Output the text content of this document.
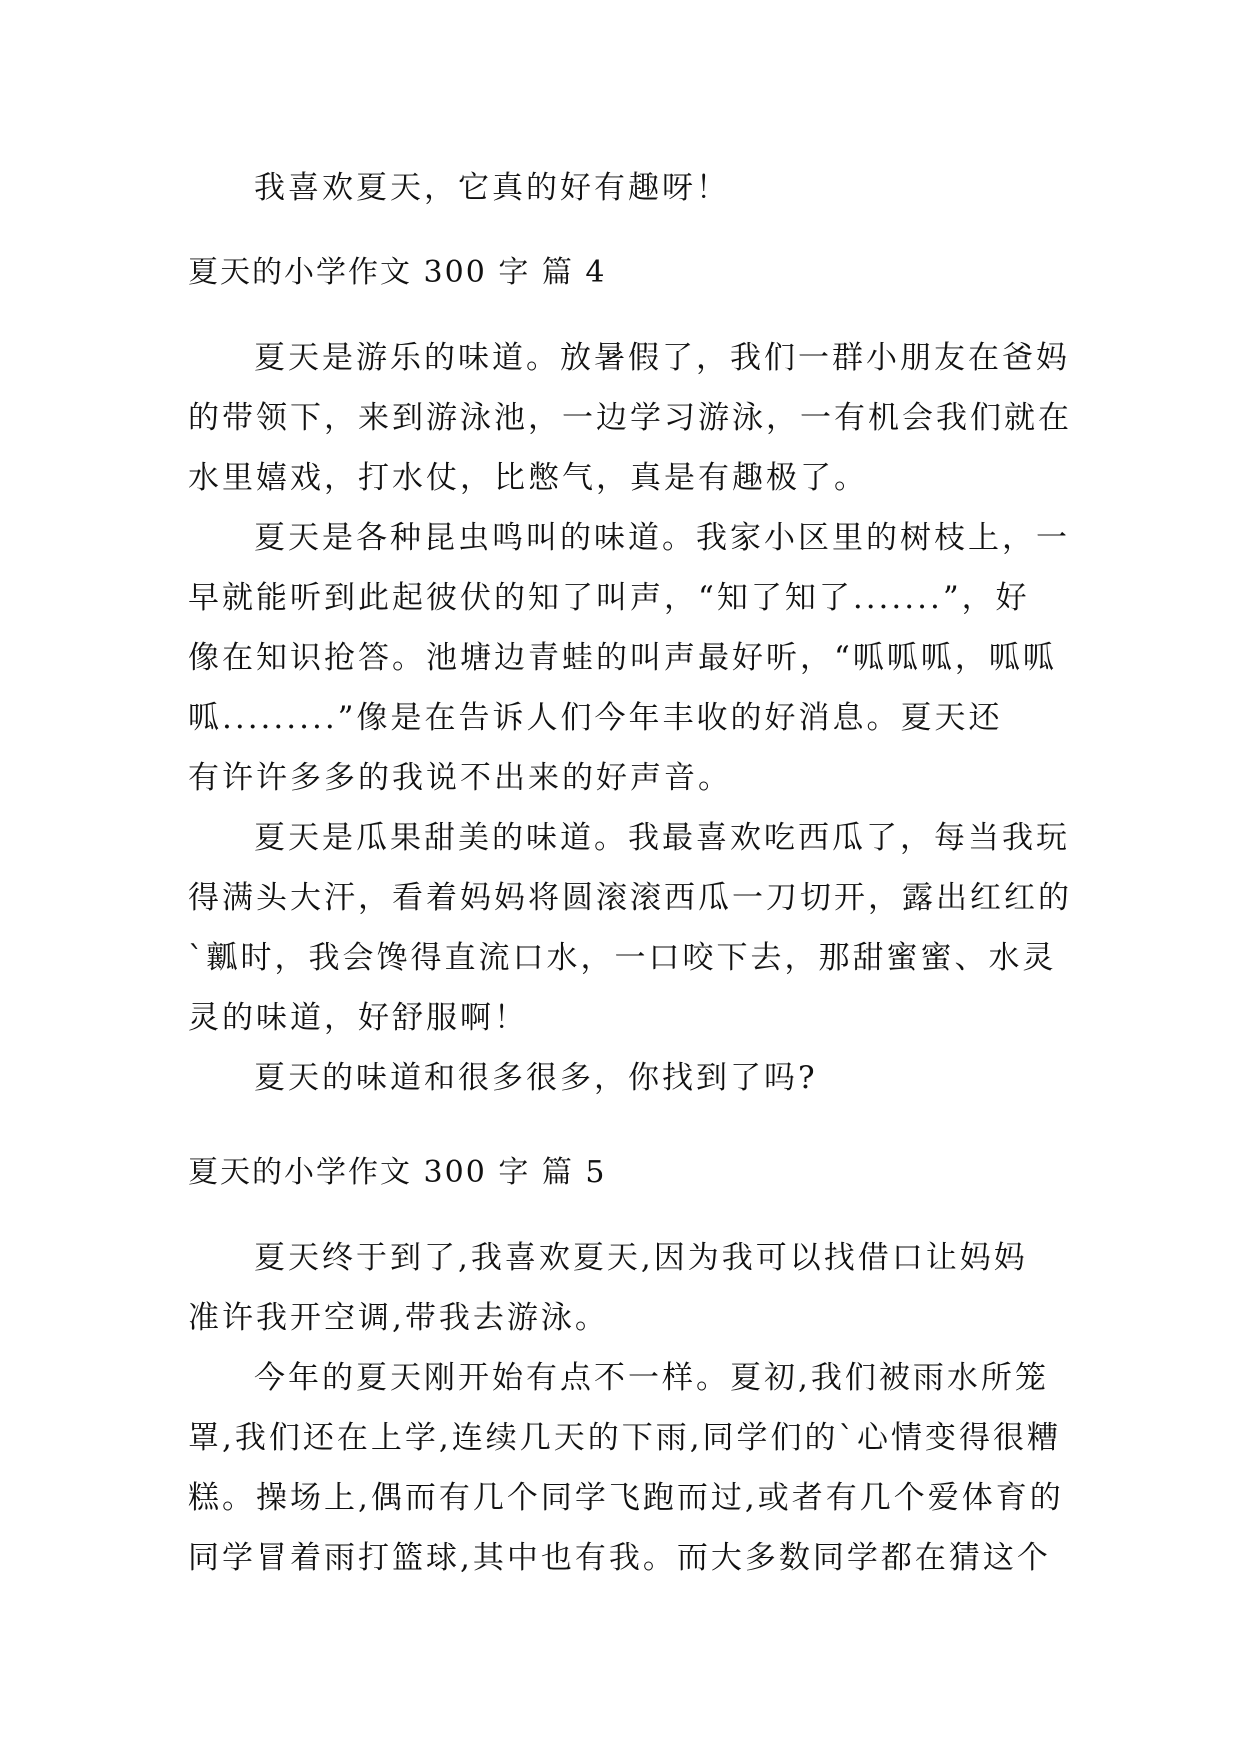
我喜欢夏天，它真的好有趣呀！
夏天的小学作文 300 字 篇 4
夏天是游乐的味道。放暑假了，我们一群小朋友在爸妈
的带领下，来到游泳池，一边学习游泳，一有机会我们就在
水里嬉戏，打水仗，比憋气，真是有趣极了。
夏天是各种昆虫鸣叫的味道。我家小区里的树枝上，一
早就能听到此起彼伏的知了叫声，“知了知了.......”，好
像在知识抢答。池塘边青蛙的叫声最好听，“呱呱呱，呱呱
呱.........”像是在告诉人们今年丰收的好消息。夏天还
有许许多多的我说不出来的好声音。
夏天是瓜果甜美的味道。我最喜欢吃西瓜了，每当我玩
得满头大汗，看着妈妈将圆滚滚西瓜一刀切开，露出红红的
`瓤时，我会馋得直流口水，一口咬下去，那甜蜜蜜、水灵
灵的味道，好舒服啊！
夏天的味道和很多很多，你找到了吗?
夏天的小学作文 300 字 篇 5
夏天终于到了,我喜欢夏天,因为我可以找借口让妈妈
准许我开空调,带我去游泳。
今年的夏天刚开始有点不一样。夏初,我们被雨水所笼
罩,我们还在上学,连续几天的下雨,同学们的`心情变得很糟
糕。操场上,偶而有几个同学飞跑而过,或者有几个爱体育的
同学冒着雨打篮球,其中也有我。而大多数同学都在猜这个
